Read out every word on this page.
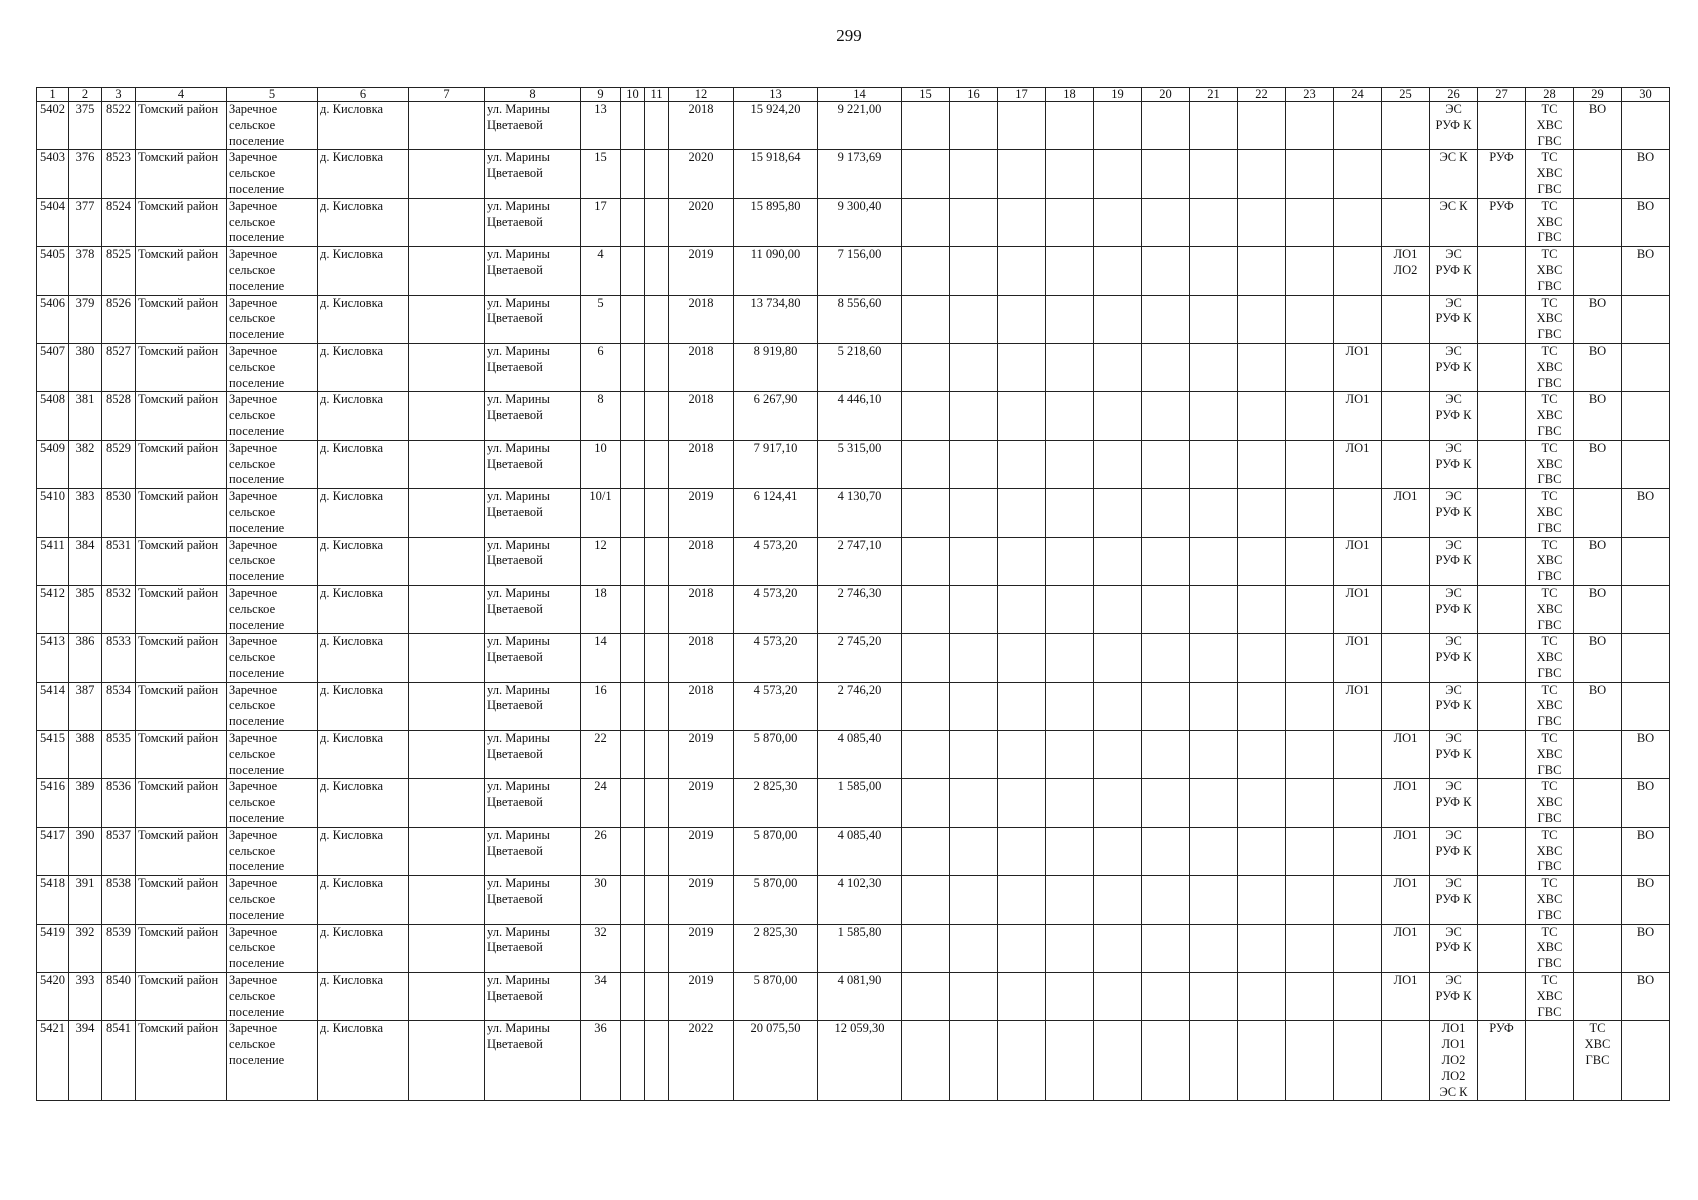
299
1	2	3	4	5	6	7	8	9	10	11	12	13	14	15	16	17	18	19	20	21	22	23	24	25	26	27	28	29	30
5402	375	8522	Томский район	Заречное
сельское
поселение	д. Кисловка		ул. Марины
Цветаевой	13			2018	15 924,20	9 221,00												ЭС
РУФ К		ТС
ХВС
ГВС	ВО	
5403	376	8523	Томский район	Заречное
сельское
поселение	д. Кисловка		ул. Марины
Цветаевой	15			2020	15 918,64	9 173,69												ЭС К	РУФ	ТС
ХВС
ГВС		ВО
5404	377	8524	Томский район	Заречное
сельское
поселение	д. Кисловка		ул. Марины
Цветаевой	17			2020	15 895,80	9 300,40												ЭС К	РУФ	ТС
ХВС
ГВС		ВО
5405	378	8525	Томский район	Заречное
сельское
поселение	д. Кисловка		ул. Марины
Цветаевой	4			2019	11 090,00	7 156,00											ЛО1
ЛО2	ЭС
РУФ К		ТС
ХВС
ГВС		ВО
5406	379	8526	Томский район	Заречное
сельское
поселение	д. Кисловка		ул. Марины
Цветаевой	5			2018	13 734,80	8 556,60												ЭС
РУФ К		ТС
ХВС
ГВС	ВО	
5407	380	8527	Томский район	Заречное
сельское
поселение	д. Кисловка		ул. Марины
Цветаевой	6			2018	8 919,80	5 218,60										ЛО1		ЭС
РУФ К		ТС
ХВС
ГВС	ВО	
5408	381	8528	Томский район	Заречное
сельское
поселение	д. Кисловка		ул. Марины
Цветаевой	8			2018	6 267,90	4 446,10										ЛО1		ЭС
РУФ К		ТС
ХВС
ГВС	ВО	
5409	382	8529	Томский район	Заречное
сельское
поселение	д. Кисловка		ул. Марины
Цветаевой	10			2018	7 917,10	5 315,00										ЛО1		ЭС
РУФ К		ТС
ХВС
ГВС	ВО	
5410	383	8530	Томский район	Заречное
сельское
поселение	д. Кисловка		ул. Марины
Цветаевой	10/1			2019	6 124,41	4 130,70											ЛО1	ЭС
РУФ К		ТС
ХВС
ГВС		ВО
5411	384	8531	Томский район	Заречное
сельское
поселение	д. Кисловка		ул. Марины
Цветаевой	12			2018	4 573,20	2 747,10										ЛО1		ЭС
РУФ К		ТС
ХВС
ГВС	ВО	
5412	385	8532	Томский район	Заречное
сельское
поселение	д. Кисловка		ул. Марины
Цветаевой	18			2018	4 573,20	2 746,30										ЛО1		ЭС
РУФ К		ТС
ХВС
ГВС	ВО	
5413	386	8533	Томский район	Заречное
сельское
поселение	д. Кисловка		ул. Марины
Цветаевой	14			2018	4 573,20	2 745,20										ЛО1		ЭС
РУФ К		ТС
ХВС
ГВС	ВО	
5414	387	8534	Томский район	Заречное
сельское
поселение	д. Кисловка		ул. Марины
Цветаевой	16			2018	4 573,20	2 746,20										ЛО1		ЭС
РУФ К		ТС
ХВС
ГВС	ВО	
5415	388	8535	Томский район	Заречное
сельское
поселение	д. Кисловка		ул. Марины
Цветаевой	22			2019	5 870,00	4 085,40											ЛО1	ЭС
РУФ К		ТС
ХВС
ГВС		ВО
5416	389	8536	Томский район	Заречное
сельское
поселение	д. Кисловка		ул. Марины
Цветаевой	24			2019	2 825,30	1 585,00											ЛО1	ЭС
РУФ К		ТС
ХВС
ГВС		ВО
5417	390	8537	Томский район	Заречное
сельское
поселение	д. Кисловка		ул. Марины
Цветаевой	26			2019	5 870,00	4 085,40											ЛО1	ЭС
РУФ К		ТС
ХВС
ГВС		ВО
5418	391	8538	Томский район	Заречное
сельское
поселение	д. Кисловка		ул. Марины
Цветаевой	30			2019	5 870,00	4 102,30											ЛО1	ЭС
РУФ К		ТС
ХВС
ГВС		ВО
5419	392	8539	Томский район	Заречное
сельское
поселение	д. Кисловка		ул. Марины
Цветаевой	32			2019	2 825,30	1 585,80											ЛО1	ЭС
РУФ К		ТС
ХВС
ГВС		ВО
5420	393	8540	Томский район	Заречное
сельское
поселение	д. Кисловка		ул. Марины
Цветаевой	34			2019	5 870,00	4 081,90											ЛО1	ЭС
РУФ К		ТС
ХВС
ГВС		ВО
5421	394	8541	Томский район	Заречное
сельское
поселение	д. Кисловка		ул. Марины
Цветаевой	36			2022	20 075,50	12 059,30												ЛО1
ЛО1
ЛО2
ЛО2
ЭС К	РУФ		ТС
ХВС
ГВС	
